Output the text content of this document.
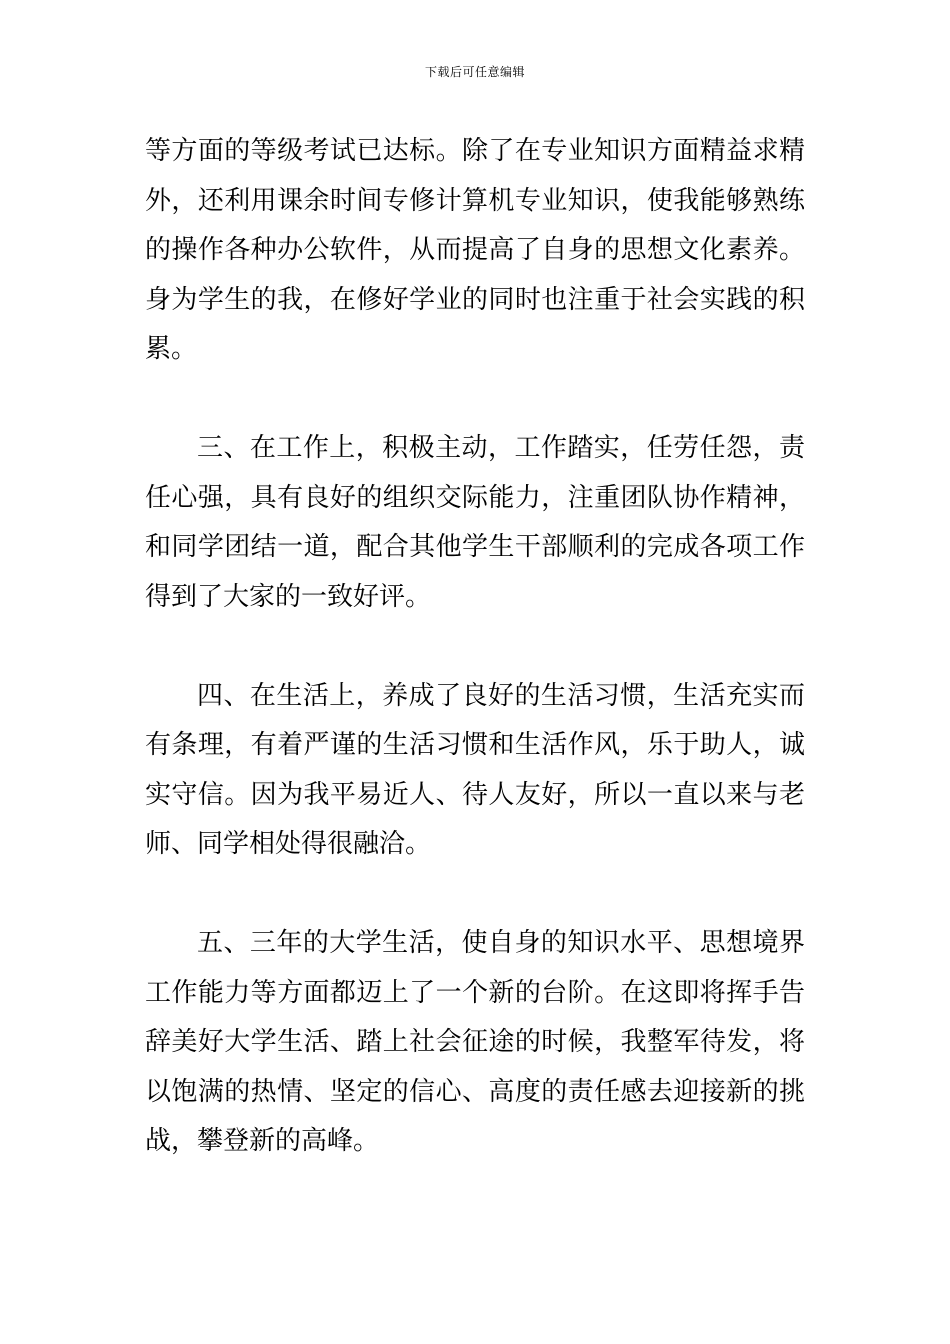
下载后可任意编辑

等方面的等级考试已达标。除了在专业知识方面精益求精外，还利用课余时间专修计算机专业知识，使我能够熟练的操作各种办公软件，从而提高了自身的思想文化素养。身为学生的我，在修好学业的同时也注重于社会实践的积累。

三、在工作上，积极主动，工作踏实，任劳任怨，责任心强，具有良好的组织交际能力，注重团队协作精神，和同学团结一道，配合其他学生干部顺利的完成各项工作得到了大家的一致好评。

四、在生活上，养成了良好的生活习惯，生活充实而有条理，有着严谨的生活习惯和生活作风，乐于助人，诚实守信。因为我平易近人、待人友好，所以一直以来与老师、同学相处得很融洽。

五、三年的大学生活，使自身的知识水平、思想境界工作能力等方面都迈上了一个新的台阶。在这即将挥手告辞美好大学生活、踏上社会征途的时候，我整军待发，将以饱满的热情、坚定的信心、高度的责任感去迎接新的挑战，攀登新的高峰。
